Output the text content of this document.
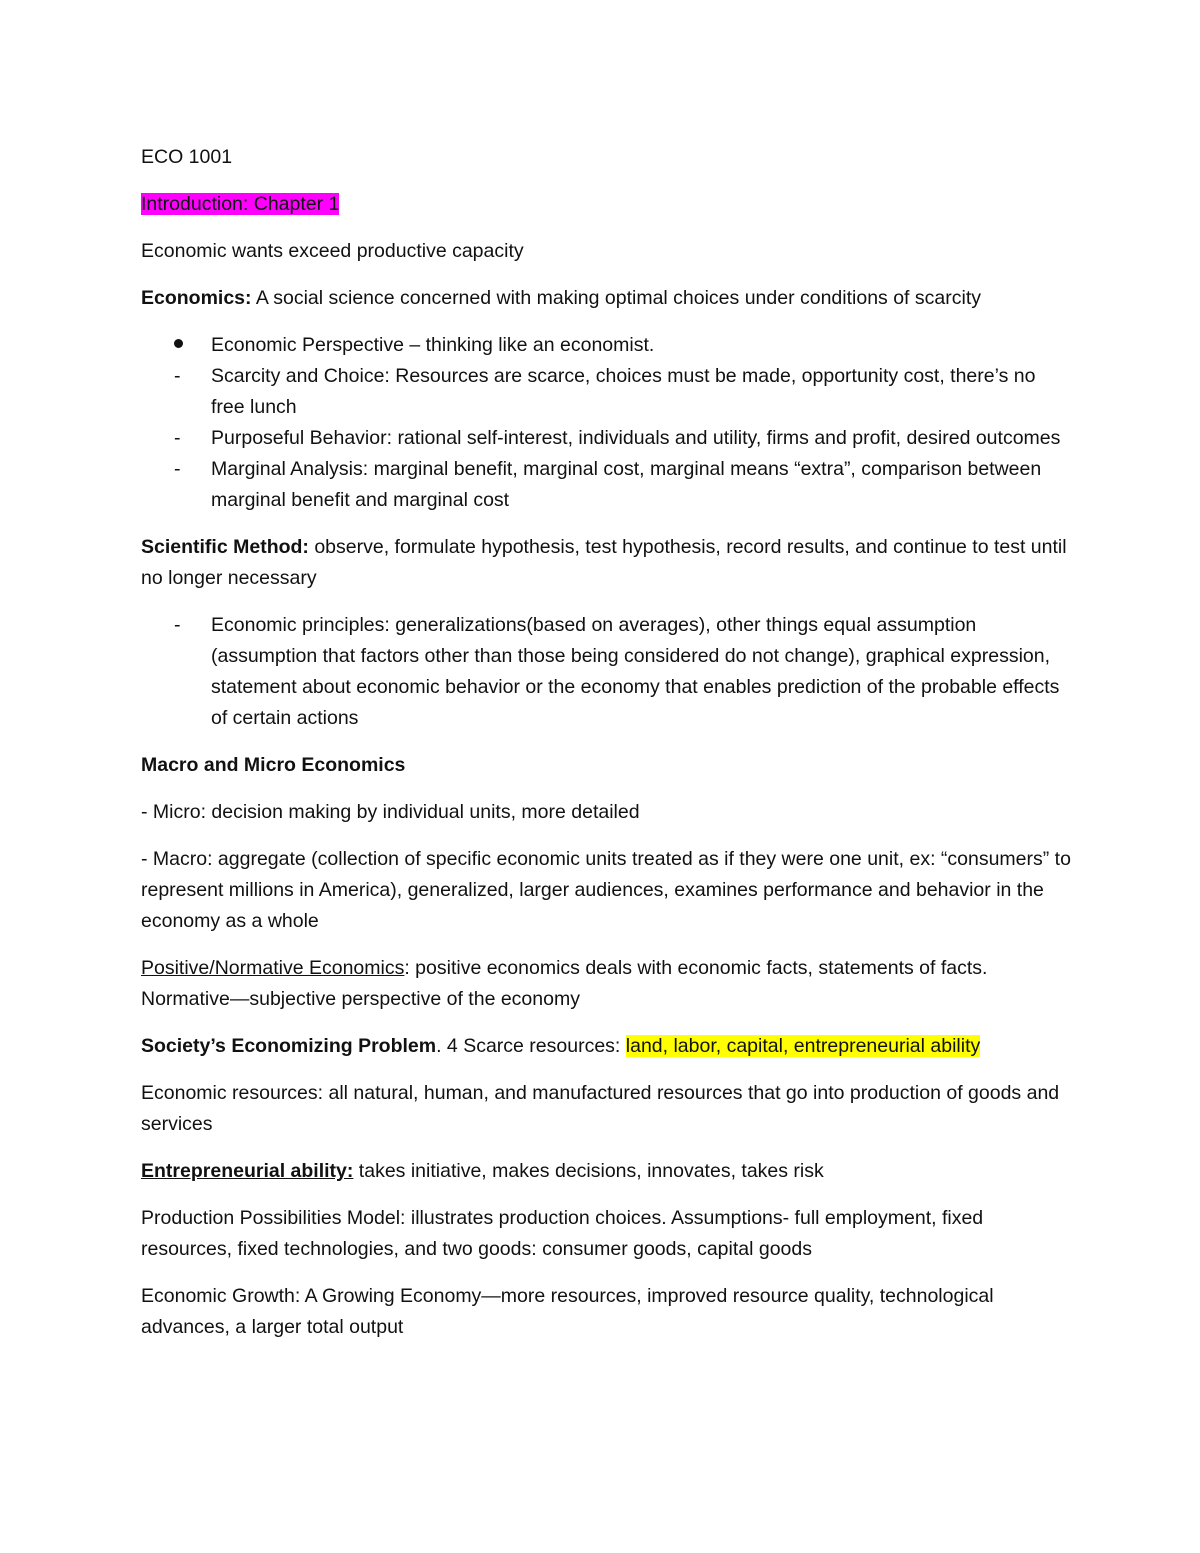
ECO 1001

Introduction: Chapter 1

Economic wants exceed productive capacity

Economics: A social science concerned with making optimal choices under conditions of scarcity

Economic Perspective – thinking like an economist.
-	Scarcity and Choice: Resources are scarce, choices must be made, opportunity cost, there’s no free lunch
-	Purposeful Behavior: rational self-interest, individuals and utility, firms and profit, desired outcomes
-	Marginal Analysis: marginal benefit, marginal cost, marginal means “extra”, comparison between marginal benefit and marginal cost

Scientific Method: observe, formulate hypothesis, test hypothesis, record results, and continue to test until no longer necessary

-	Economic principles: generalizations(based on averages), other things equal assumption (assumption that factors other than those being considered do not change), graphical expression, statement about economic behavior or the economy that enables prediction of the probable effects of certain actions

Macro and Micro Economics

- Micro: decision making by individual units, more detailed

- Macro: aggregate (collection of specific economic units treated as if they were one unit, ex: “consumers” to represent millions in America), generalized, larger audiences, examines performance and behavior in the economy as a whole

Positive/Normative Economics: positive economics deals with economic facts, statements of facts. Normative—subjective perspective of the economy

Society’s Economizing Problem. 4 Scarce resources: land, labor, capital, entrepreneurial ability

Economic resources: all natural, human, and manufactured resources that go into production of goods and services

Entrepreneurial ability: takes initiative, makes decisions, innovates, takes risk

Production Possibilities Model: illustrates production choices. Assumptions- full employment, fixed resources, fixed technologies, and two goods: consumer goods, capital goods

Economic Growth: A Growing Economy—more resources, improved resource quality, technological advances, a larger total output
